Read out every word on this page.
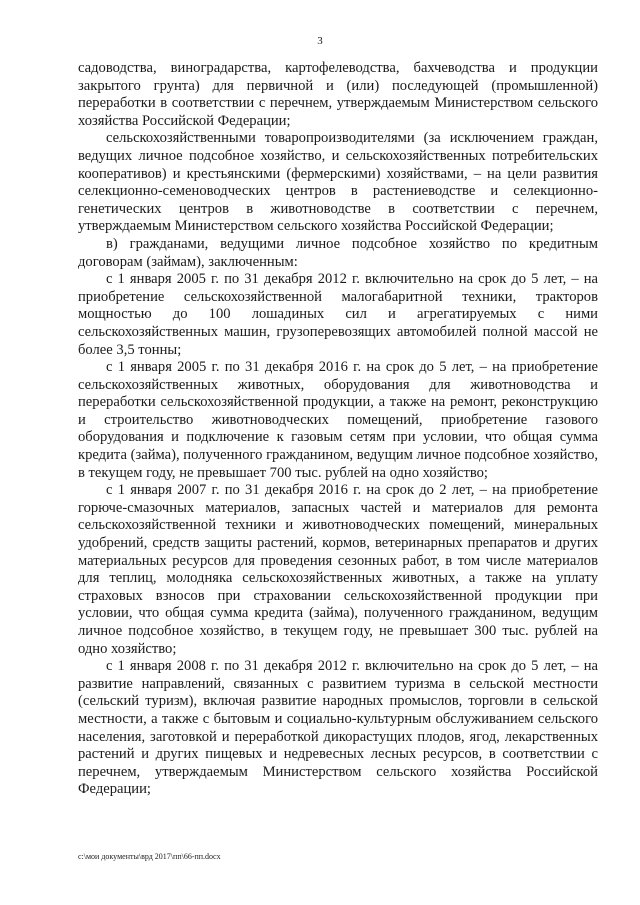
3

садоводства, виноградарства, картофелеводства, бахчеводства и продукции закрытого грунта) для первичной и (или) последующей (промышленной) переработки в соответствии с перечнем, утверждаемым Министерством сельского хозяйства Российской Федерации;

сельскохозяйственными товаропроизводителями (за исключением граждан, ведущих личное подсобное хозяйство, и сельскохозяйственных потребительских кооперативов) и крестьянскими (фермерскими) хозяйствами, – на цели развития селекционно-семеноводческих центров в растениеводстве и селекционно-генетических центров в животноводстве в соответствии с перечнем, утверждаемым Министерством сельского хозяйства Российской Федерации;

в) гражданами, ведущими личное подсобное хозяйство по кредитным договорам (займам), заключенным:

с 1 января 2005 г. по 31 декабря 2012 г. включительно на срок до 5 лет, – на приобретение сельскохозяйственной малогабаритной техники, тракторов мощностью до 100 лошадиных сил и агрегатируемых с ними сельскохозяйственных машин, грузоперевозящих автомобилей полной массой не более 3,5 тонны;

с 1 января 2005 г. по 31 декабря 2016 г. на срок до 5 лет, – на приобретение сельскохозяйственных животных, оборудования для животноводства и переработки сельскохозяйственной продукции, а также на ремонт, реконструкцию и строительство животноводческих помещений, приобретение газового оборудования и подключение к газовым сетям при условии, что общая сумма кредита (займа), полученного гражданином, ведущим личное подсобное хозяйство, в текущем году, не превышает 700 тыс. рублей на одно хозяйство;

с 1 января 2007 г. по 31 декабря 2016 г. на срок до 2 лет, – на приобретение горюче-смазочных материалов, запасных частей и материалов для ремонта сельскохозяйственной техники и животноводческих помещений, минеральных удобрений, средств защиты растений, кормов, ветеринарных препаратов и других материальных ресурсов для проведения сезонных работ, в том числе материалов для теплиц, молодняка сельскохозяйственных животных, а также на уплату страховых взносов при страховании сельскохозяйственной продукции при условии, что общая сумма кредита (займа), полученного гражданином, ведущим личное подсобное хозяйство, в текущем году, не превышает 300 тыс. рублей на одно хозяйство;

с 1 января 2008 г. по 31 декабря 2012 г. включительно на срок до 5 лет, – на развитие направлений, связанных с развитием туризма в сельской местности (сельский туризм), включая развитие народных промыслов, торговли в сельской местности, а также с бытовым и социально-культурным обслуживанием сельского населения, заготовкой и переработкой дикорастущих плодов, ягод, лекарственных растений и других пищевых и недревесных лесных ресурсов, в соответствии с перечнем, утверждаемым Министерством сельского хозяйства Российской Федерации;

c:\мои документы\врд 2017\пп\66-пп.docx
